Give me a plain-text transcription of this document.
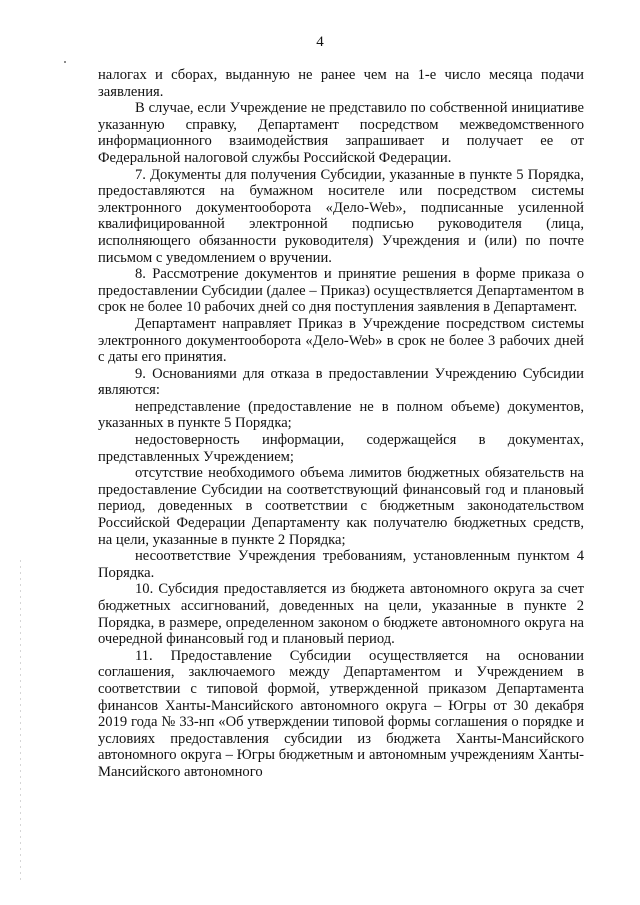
4

налогах и сборах, выданную не ранее чем на 1-е число месяца подачи заявления.

В случае, если Учреждение не представило по собственной инициативе указанную справку, Департамент посредством межведомственного информационного взаимодействия запрашивает и получает ее от Федеральной налоговой службы Российской Федерации.

7. Документы для получения Субсидии, указанные в пункте 5 Порядка, предоставляются на бумажном носителе или посредством системы электронного документооборота «Дело-Web», подписанные усиленной квалифицированной электронной подписью руководителя (лица, исполняющего обязанности руководителя) Учреждения и (или) по почте письмом с уведомлением о вручении.

8. Рассмотрение документов и принятие решения в форме приказа о предоставлении Субсидии (далее – Приказ) осуществляется Департаментом в срок не более 10 рабочих дней со дня поступления заявления в Департамент.

Департамент направляет Приказ в Учреждение посредством системы электронного документооборота «Дело-Web» в срок не более 3 рабочих дней с даты его принятия.

9. Основаниями для отказа в предоставлении Учреждению Субсидии являются:

непредставление (предоставление не в полном объеме) документов, указанных в пункте 5 Порядка;

недостоверность информации, содержащейся в документах, представленных Учреждением;

отсутствие необходимого объема лимитов бюджетных обязательств на предоставление Субсидии на соответствующий финансовый год и плановый период, доведенных в соответствии с бюджетным законодательством Российской Федерации Департаменту как получателю бюджетных средств, на цели, указанные в пункте 2 Порядка;

несоответствие Учреждения требованиям, установленным пунктом 4 Порядка.

10. Субсидия предоставляется из бюджета автономного округа за счет бюджетных ассигнований, доведенных на цели, указанные в пункте 2 Порядка, в размере, определенном законом о бюджете автономного округа на очередной финансовый год и плановый период.

11. Предоставление Субсидии осуществляется на основании соглашения, заключаемого между Департаментом и Учреждением в соответствии с типовой формой, утвержденной приказом Департамента финансов Ханты-Мансийского автономного округа – Югры от 30 декабря 2019 года № 33-нп «Об утверждении типовой формы соглашения о порядке и условиях предоставления субсидии из бюджета Ханты-Мансийского автономного округа – Югры бюджетным и автономным учреждениям Ханты-Мансийского автономного
